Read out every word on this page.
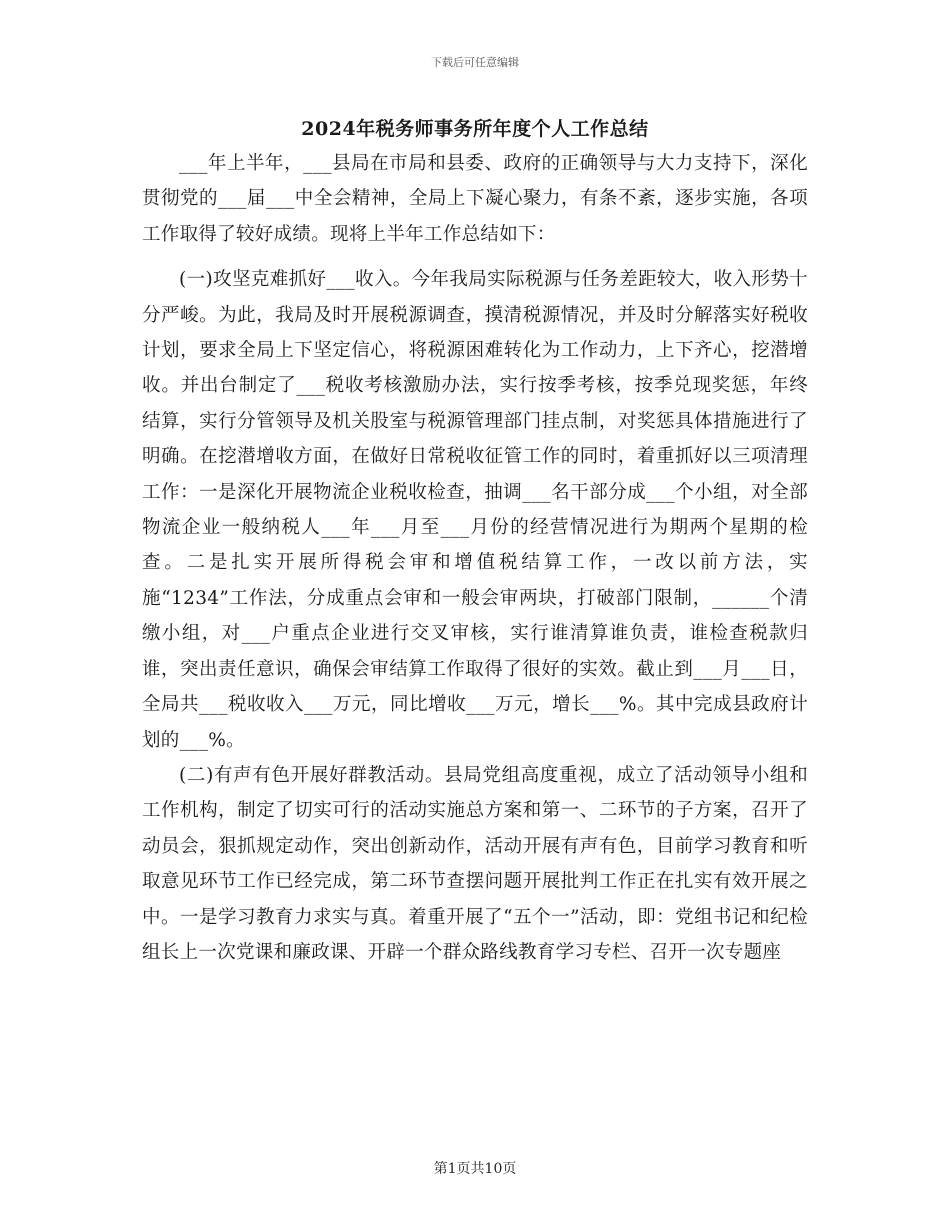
下载后可任意编辑
2024年税务师事务所年度个人工作总结

___年上半年，___县局在市局和县委、政府的正确领导与大力支持下，深化贯彻党的___届___中全会精神，全局上下凝心聚力，有条不紊，逐步实施，各项工作取得了较好成绩。现将上半年工作总结如下：

(一)攻坚克难抓好___收入。今年我局实际税源与任务差距较大，收入形势十分严峻。为此，我局及时开展税源调查，摸清税源情况，并及时分解落实好税收计划，要求全局上下坚定信心，将税源困难转化为工作动力，上下齐心，挖潜增收。并出台制定了___税收考核激励办法，实行按季考核，按季兑现奖惩，年终结算，实行分管领导及机关股室与税源管理部门挂点制，对奖惩具体措施进行了明确。在挖潜增收方面，在做好日常税收征管工作的同时，着重抓好以三项清理工作：一是深化开展物流企业税收检查，抽调___名干部分成___个小组，对全部物流企业一般纳税人___年___月至___月份的经营情况进行为期两个星期的检查。二是扎实开展所得税会审和增值税结算工作，一改以前方法，实施“1234”工作法，分成重点会审和一般会审两块，打破部门限制，______个清缴小组，对___户重点企业进行交叉审核，实行谁清算谁负责，谁检查税款归谁，突出责任意识，确保会审结算工作取得了很好的实效。截止到___月___日，全局共___税收收入___万元，同比增收___万元，增长___%。其中完成县政府计划的___%。

(二)有声有色开展好群教活动。县局党组高度重视，成立了活动领导小组和工作机构，制定了切实可行的活动实施总方案和第一、二环节的子方案，召开了动员会，狠抓规定动作，突出创新动作，活动开展有声有色，目前学习教育和听取意见环节工作已经完成，第二环节查摆问题开展批判工作正在扎实有效开展之中。一是学习教育力求实与真。着重开展了“五个一”活动，即：党组书记和纪检组长上一次党课和廉政课、开辟一个群众路线教育学习专栏、召开一次专题座

第1页共10页
